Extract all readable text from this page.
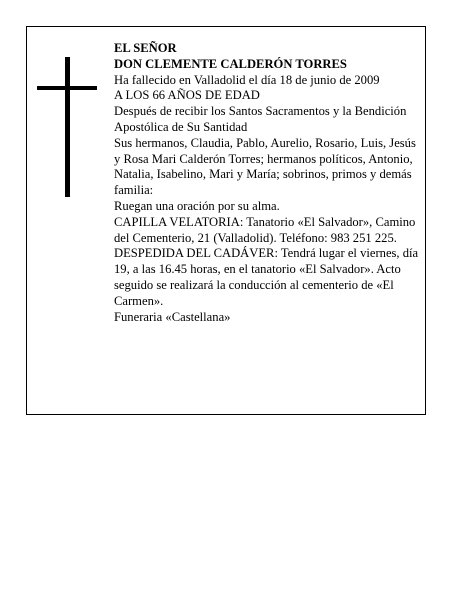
EL SEÑOR

DON CLEMENTE CALDERÓN TORRES

Ha fallecido en Valladolid el día 18 de junio de 2009

A LOS 66 AÑOS DE EDAD

Después de recibir los Santos Sacramentos y la Bendición Apostólica de Su Santidad

Sus hermanos, Claudia, Pablo, Aurelio, Rosario, Luis, Jesús y Rosa Mari Calderón Torres; hermanos políticos, Antonio, Natalia, Isabelino, Mari y María; sobrinos, primos y demás familia:

Ruegan una oración por su alma.

CAPILLA VELATORIA: Tanatorio «El Salvador», Camino del Cementerio, 21 (Valladolid). Teléfono: 983 251 225.

DESPEDIDA DEL CADÁVER: Tendrá lugar el viernes, día 19, a las 16.45 horas, en el tanatorio «El Salvador». Acto seguido se realizará la conducción al cementerio de «El Carmen».

Funeraria «Castellana»
